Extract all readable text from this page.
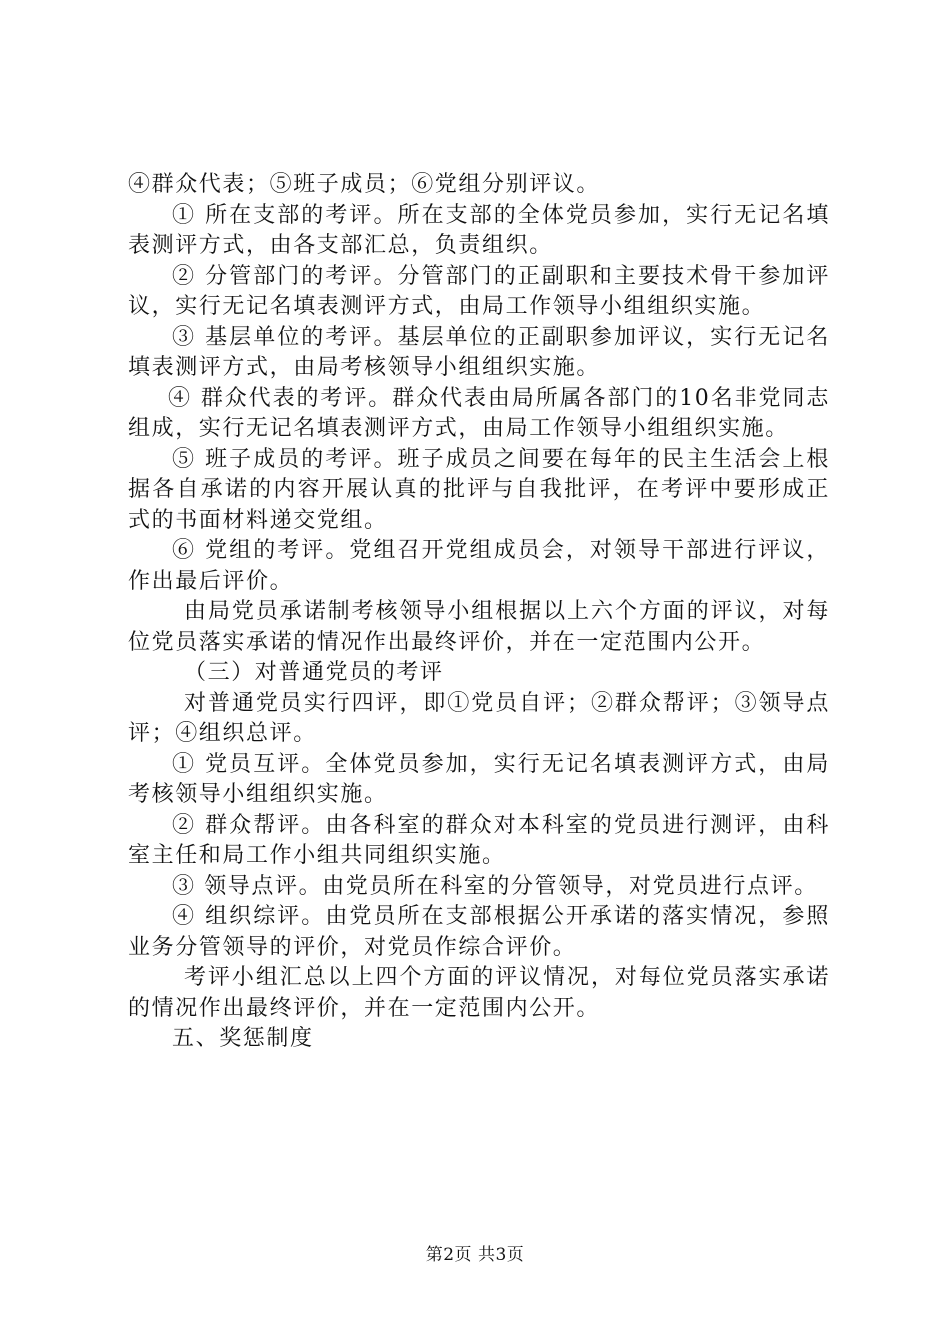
④群众代表；⑤班子成员；⑥党组分别评议。

① 所在支部的考评。所在支部的全体党员参加，实行无记名填表测评方式，由各支部汇总，负责组织。

② 分管部门的考评。分管部门的正副职和主要技术骨干参加评议，实行无记名填表测评方式，由局工作领导小组组织实施。

③ 基层单位的考评。基层单位的正副职参加评议，实行无记名填表测评方式，由局考核领导小组组织实施。

④ 群众代表的考评。群众代表由局所属各部门的10名非党同志组成，实行无记名填表测评方式，由局工作领导小组组织实施。

⑤ 班子成员的考评。班子成员之间要在每年的民主生活会上根据各自承诺的内容开展认真的批评与自我批评，在考评中要形成正式的书面材料递交党组。

⑥ 党组的考评。党组召开党组成员会，对领导干部进行评议，作出最后评价。

由局党员承诺制考核领导小组根据以上六个方面的评议，对每位党员落实承诺的情况作出最终评价，并在一定范围内公开。

（三）对普通党员的考评

对普通党员实行四评，即①党员自评；②群众帮评；③领导点评；④组织总评。

① 党员互评。全体党员参加，实行无记名填表测评方式，由局考核领导小组组织实施。

② 群众帮评。由各科室的群众对本科室的党员进行测评，由科室主任和局工作小组共同组织实施。

③ 领导点评。由党员所在科室的分管领导，对党员进行点评。

④ 组织综评。由党员所在支部根据公开承诺的落实情况，参照业务分管领导的评价，对党员作综合评价。

考评小组汇总以上四个方面的评议情况，对每位党员落实承诺的情况作出最终评价，并在一定范围内公开。

五、奖惩制度

第2页 共3页
